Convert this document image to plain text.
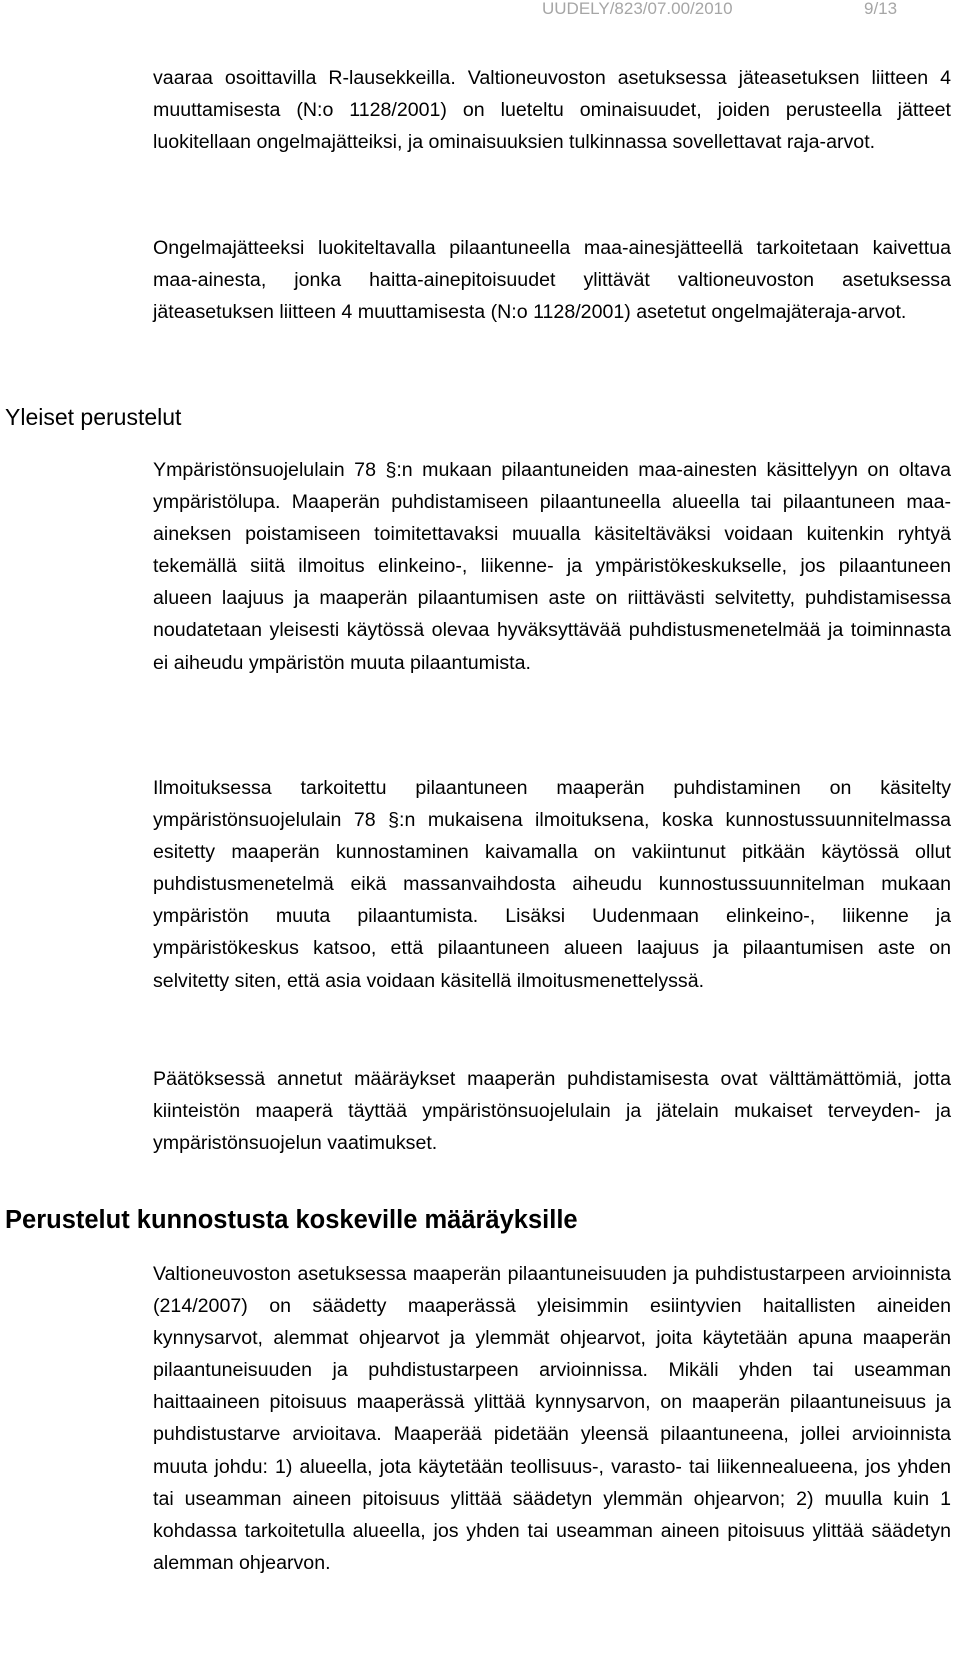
UUDELY/823/07.00/2010	9/13

vaaraa osoittavilla R-lausekkeilla. Valtioneuvoston asetuksessa jäteasetuksen liitteen 4 muuttamisesta (N:o 1128/2001) on lueteltu ominaisuudet, joiden perusteella jätteet luokitellaan ongelmajätteiksi, ja ominaisuuksien tulkinnassa sovellettavat raja-arvot.

Ongelmajätteeksi luokiteltavalla pilaantuneella maa-ainesjätteellä tarkoitetaan kaivettua maa-ainesta, jonka haitta-ainepitoisuudet ylittävät valtioneuvoston asetuksessa jäteasetuksen liitteen 4 muuttamisesta (N:o 1128/2001) asetetut ongelmajäteraja-arvot.

Yleiset perustelut

Ympäristönsuojelulain 78 §:n mukaan pilaantuneiden maa-ainesten käsittelyyn on oltava ympäristölupa. Maaperän puhdistamiseen pilaantuneella alueella tai pilaantuneen maa-aineksen poistamiseen toimitettavaksi muualla käsiteltäväksi voidaan kuitenkin ryhtyä tekemällä siitä ilmoitus elinkeino-, liikenne- ja ympäristökeskukselle, jos pilaantuneen alueen laajuus ja maaperän pilaantumisen aste on riittävästi selvitetty, puhdistamisessa noudatetaan yleisesti käytössä olevaa hyväksyttävää puhdistusmenetelmää ja toiminnasta ei aiheudu ympäristön muuta pilaantumista.

Ilmoituksessa tarkoitettu pilaantuneen maaperän puhdistaminen on käsitelty ympäristönsuojelulain 78 §:n mukaisena ilmoituksena, koska kunnostussuunnitelmassa esitetty maaperän kunnostaminen kaivamalla on vakiintunut pitkään käytössä ollut puhdistusmenetelmä eikä massanvaihdosta aiheudu kunnostussuunnitelman mukaan ympäristön muuta pilaantumista. Lisäksi Uudenmaan elinkeino-, liikenne ja ympäristökeskus katsoo, että pilaantuneen alueen laajuus ja pilaantumisen aste on selvitetty siten, että asia voidaan käsitellä ilmoitusmenettelyssä.

Päätöksessä annetut määräykset maaperän puhdistamisesta ovat välttämättömiä, jotta kiinteistön maaperä täyttää ympäristönsuojelulain ja jätelain mukaiset terveyden- ja ympäristönsuojelun vaatimukset.

Perustelut kunnostusta koskeville määräyksille

Valtioneuvoston asetuksessa maaperän pilaantuneisuuden ja puhdistustarpeen arvioinnista (214/2007) on säädetty maaperässä yleisimmin esiintyvien haitallisten aineiden kynnysarvot, alemmat ohjearvot ja ylemmät ohjearvot, joita käytetään apuna maaperän pilaantuneisuuden ja puhdistustarpeen arvioinnissa. Mikäli yhden tai useamman haittaaineen pitoisuus maaperässä ylittää kynnysarvon, on maaperän pilaantuneisuus ja puhdistustarve arvioitava. Maaperää pidetään yleensä pilaantuneena, jollei arvioinnista muuta johdu: 1) alueella, jota käytetään teollisuus-, varasto- tai liikennealueena, jos yhden tai useamman aineen pitoisuus ylittää säädetyn ylemmän ohjearvon; 2) muulla kuin 1 kohdassa tarkoitetulla alueella, jos yhden tai useamman aineen pitoisuus ylittää säädetyn alemman ohjearvon.
